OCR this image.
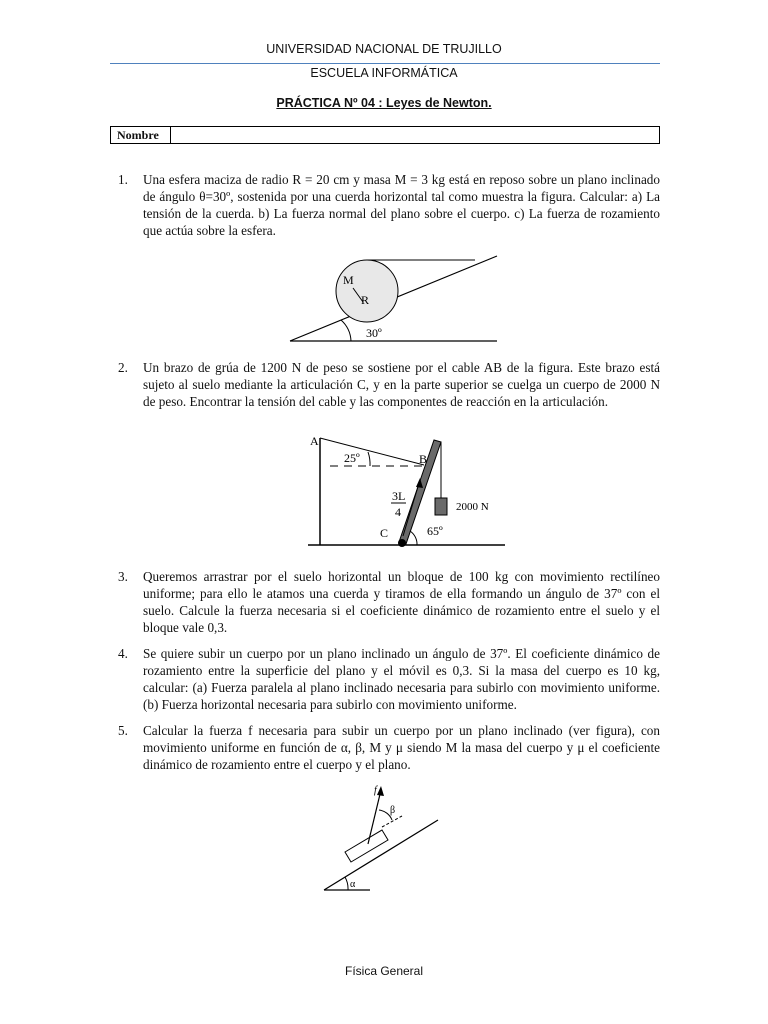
UNIVERSIDAD NACIONAL DE TRUJILLO
ESCUELA INFORMÁTICA
PRÁCTICA Nº 04 : Leyes de Newton.
Nombre
1. Una esfera maciza de radio R = 20 cm y masa M = 3 kg está en reposo sobre un plano inclinado de ángulo θ=30º, sostenida por una cuerda horizontal tal como muestra la figura. Calcular: a) La tensión de la cuerda. b) La fuerza normal del plano sobre el cuerpo. c) La fuerza de rozamiento que actúa sobre la esfera.
M
R
30º
2. Un brazo de grúa de 1200 N de peso se sostiene por el cable AB de la figura. Este brazo está sujeto al suelo mediante la articulación C, y en la parte superior se cuelga un cuerpo de 2000 N de peso. Encontrar la tensión del cable y las componentes de reacción en la articulación.
A
25º	B
C
3L
4
65º
2000 N
3. Queremos arrastrar por el suelo horizontal un bloque de 100 kg con movimiento rectilíneo uniforme; para ello le atamos una cuerda y tiramos de ella formando un ángulo de 37º con el suelo. Calcule la fuerza necesaria si el coeficiente dinámico de rozamiento entre el suelo y el bloque vale 0,3.
4. Se quiere subir un cuerpo por un plano inclinado un ángulo de 37º. El coeficiente dinámico de rozamiento entre la superficie del plano y el móvil es 0,3. Si la masa del cuerpo es 10 kg, calcular: (a) Fuerza paralela al plano inclinado necesaria para subirlo con movimiento uniforme. (b) Fuerza horizontal necesaria para subirlo con movimiento uniforme.
5. Calcular la fuerza f necesaria para subir un cuerpo por un plano inclinado (ver figura), con movimiento uniforme en función de α, β, M y μ siendo M la masa del cuerpo y μ el coeficiente dinámico de rozamiento entre el cuerpo y el plano.
α
f
β
Física General
